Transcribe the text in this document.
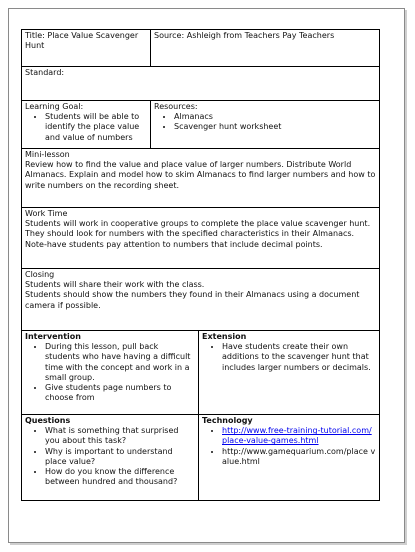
Title: Place Value Scavenger Hunt
Source: Ashleigh from Teachers Pay Teachers
Standard:
Learning Goal:
• Students will be able to identify the place value and value of numbers
Resources:
• Almanacs
• Scavenger hunt worksheet
Mini-lesson
Review how to find the value and place value of larger numbers. Distribute World Almanacs. Explain and model how to skim Almanacs to find larger numbers and how to write numbers on the recording sheet.
Work Time
Students will work in cooperative groups to complete the place value scavenger hunt.
They should look for numbers with the specified characteristics in their Almanacs.
Note-have students pay attention to numbers that include decimal points.
Closing
Students will share their work with the class.
Students should show the numbers they found in their Almanacs using a document camera if possible.
Intervention
• During this lesson, pull back students who have having a difficult time with the concept and work in a small group.
• Give students page numbers to choose from
Extension
• Have students create their own additions to the scavenger hunt that includes larger numbers or decimals.
Questions
• What is something that surprised you about this task?
• Why is important to understand place value?
• How do you know the difference between hundred and thousand?
Technology
• http://www.free-training-tutorial.com/place-value-games.html
• http://www.gamequarium.com/place value.html
